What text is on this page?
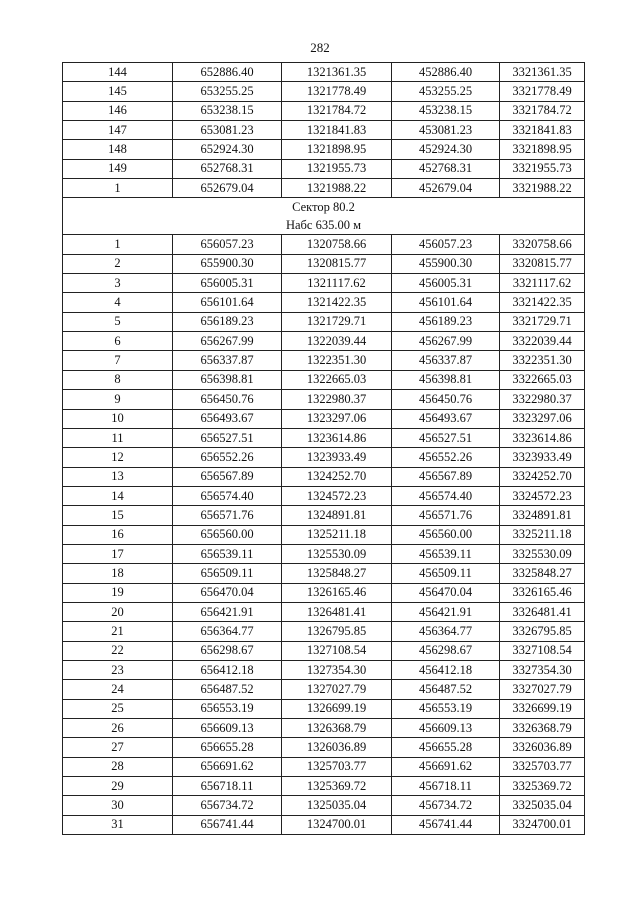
282
144	652886.40	1321361.35	452886.40	3321361.35
145	653255.25	1321778.49	453255.25	3321778.49
146	653238.15	1321784.72	453238.15	3321784.72
147	653081.23	1321841.83	453081.23	3321841.83
148	652924.30	1321898.95	452924.30	3321898.95
149	652768.31	1321955.73	452768.31	3321955.73
1	652679.04	1321988.22	452679.04	3321988.22

Сектор 80.2
Набс 635.00 м				

1	656057.23	1320758.66	456057.23	3320758.66
2	655900.30	1320815.77	455900.30	3320815.77
3	656005.31	1321117.62	456005.31	3321117.62
4	656101.64	1321422.35	456101.64	3321422.35
5	656189.23	1321729.71	456189.23	3321729.71
6	656267.99	1322039.44	456267.99	3322039.44
7	656337.87	1322351.30	456337.87	3322351.30
8	656398.81	1322665.03	456398.81	3322665.03
9	656450.76	1322980.37	456450.76	3322980.37
10	656493.67	1323297.06	456493.67	3323297.06
11	656527.51	1323614.86	456527.51	3323614.86
12	656552.26	1323933.49	456552.26	3323933.49
13	656567.89	1324252.70	456567.89	3324252.70
14	656574.40	1324572.23	456574.40	3324572.23
15	656571.76	1324891.81	456571.76	3324891.81
16	656560.00	1325211.18	456560.00	3325211.18
17	656539.11	1325530.09	456539.11	3325530.09
18	656509.11	1325848.27	456509.11	3325848.27
19	656470.04	1326165.46	456470.04	3326165.46
20	656421.91	1326481.41	456421.91	3326481.41
21	656364.77	1326795.85	456364.77	3326795.85
22	656298.67	1327108.54	456298.67	3327108.54
23	656412.18	1327354.30	456412.18	3327354.30
24	656487.52	1327027.79	456487.52	3327027.79
25	656553.19	1326699.19	456553.19	3326699.19
26	656609.13	1326368.79	456609.13	3326368.79
27	656655.28	1326036.89	456655.28	3326036.89
28	656691.62	1325703.77	456691.62	3325703.77
29	656718.11	1325369.72	456718.11	3325369.72
30	656734.72	1325035.04	456734.72	3325035.04
31	656741.44	1324700.01	456741.44	3324700.01
